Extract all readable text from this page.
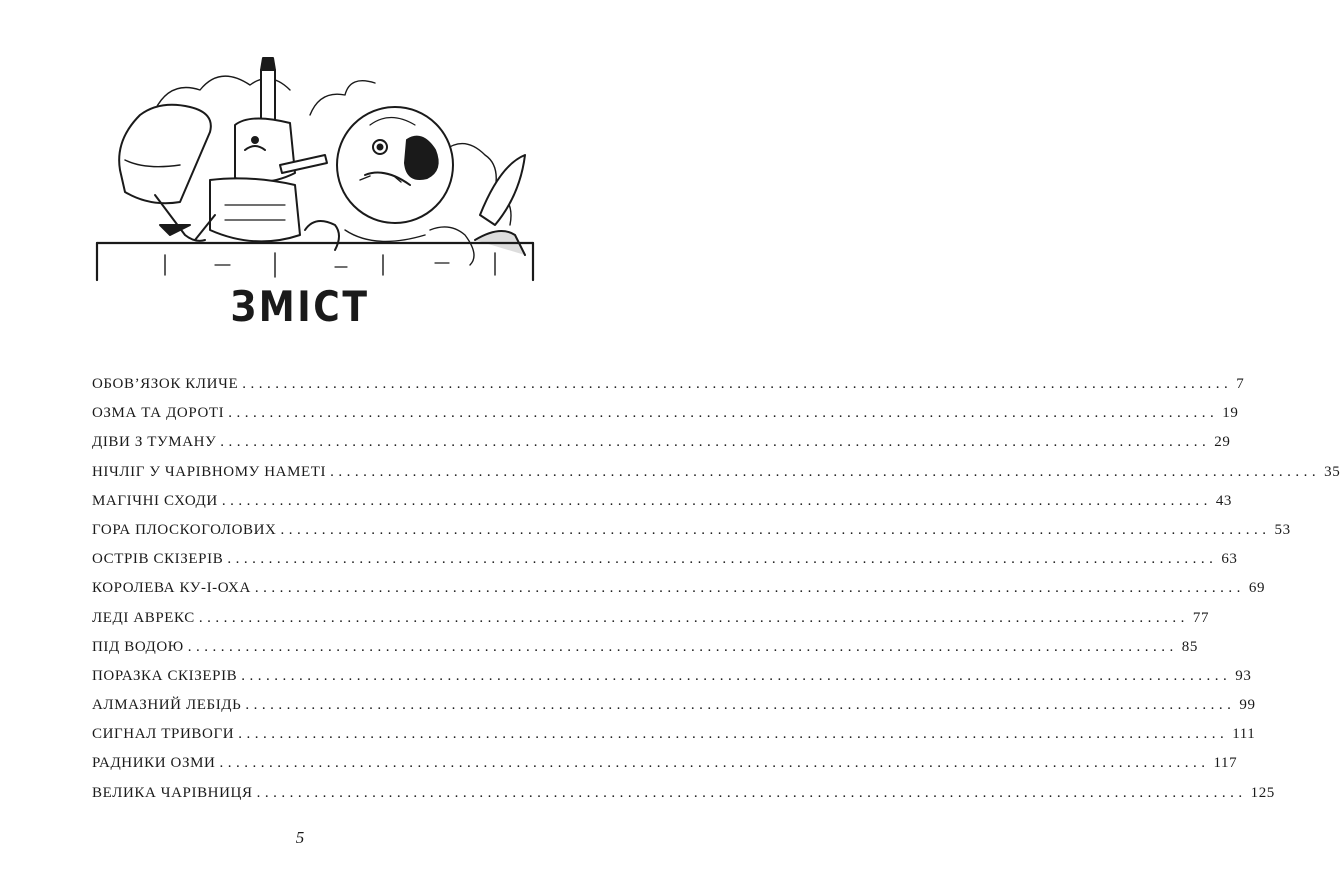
ЗМІСТ
ОБОВ’ЯЗОК КЛИЧЕ ........................................................................................................................ 7
ОЗМА ТА ДОРОТІ ........................................................................................................................ 19
ДІВИ З ТУМАНУ ........................................................................................................................ 29
НІЧЛІГ У ЧАРІВНОМУ НАМЕТІ ........................................................................................................................ 35
МАГІЧНІ СХОДИ ........................................................................................................................ 43
ГОРА ПЛОСКОГОЛОВИХ ........................................................................................................................ 53
ОСТРІВ СКІЗЕРІВ ........................................................................................................................ 63
КОРОЛЕВА КУ-І-ОХА ........................................................................................................................ 69
ЛЕДІ АВРЕКС ........................................................................................................................ 77
ПІД ВОДОЮ ........................................................................................................................ 85
ПОРАЗКА СКІЗЕРІВ ........................................................................................................................ 93
АЛМАЗНИЙ ЛЕБІДЬ ........................................................................................................................ 99
СИГНАЛ ТРИВОГИ ........................................................................................................................ 111
РАДНИКИ ОЗМИ ........................................................................................................................ 117
ВЕЛИКА ЧАРІВНИЦЯ ........................................................................................................................ 125
5
